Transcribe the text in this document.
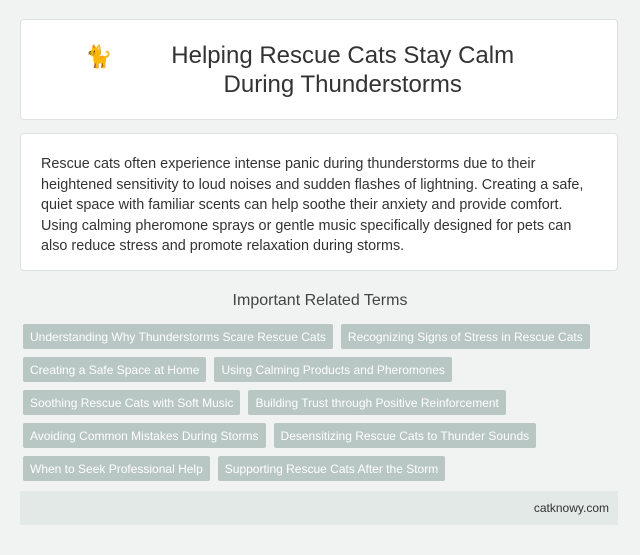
🐈	Helping Rescue Cats Stay Calm During Thunderstorms

Rescue cats often experience intense panic during thunderstorms due to their heightened sensitivity to loud noises and sudden flashes of lightning. Creating a safe, quiet space with familiar scents can help soothe their anxiety and provide comfort. Using calming pheromone sprays or gentle music specifically designed for pets can also reduce stress and promote relaxation during storms.

Important Related Terms
Understanding Why Thunderstorms Scare Rescue Cats	Recognizing Signs of Stress in Rescue Cats
Creating a Safe Space at Home	Using Calming Products and Pheromones
Soothing Rescue Cats with Soft Music	Building Trust through Positive Reinforcement
Avoiding Common Mistakes During Storms	Desensitizing Rescue Cats to Thunder Sounds
When to Seek Professional Help	Supporting Rescue Cats After the Storm
catknowy.com
